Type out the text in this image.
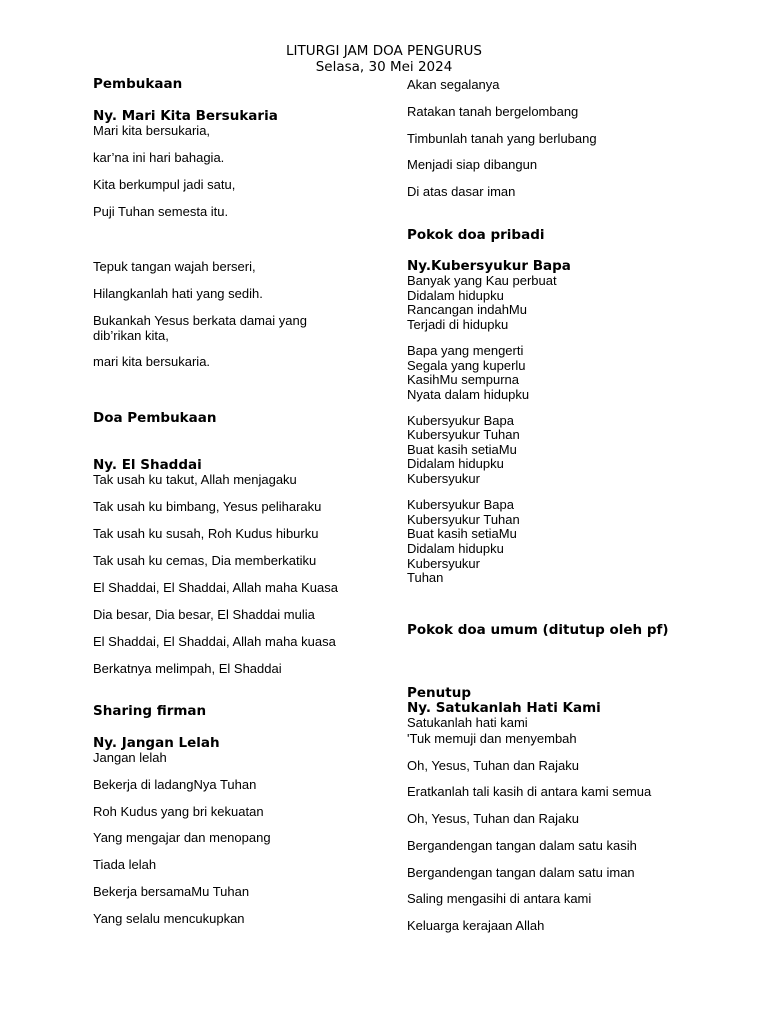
LITURGI JAM DOA PENGURUS
Selasa, 30 Mei 2024
Pembukaan
Ny. Mari Kita Bersukaria
Mari kita bersukaria,
kar’na ini hari bahagia.
Kita berkumpul jadi satu,
Puji Tuhan semesta itu.
Tepuk tangan wajah berseri,
Hilangkanlah hati yang sedih.
Bukankah Yesus berkata damai yang dib’rikan kita,
mari kita bersukaria.
Doa Pembukaan
Ny. El Shaddai
Tak usah ku takut, Allah menjagaku
Tak usah ku bimbang, Yesus peliharaku
Tak usah ku susah, Roh Kudus hiburku
Tak usah ku cemas, Dia memberkatiku
El Shaddai, El Shaddai, Allah maha Kuasa
Dia besar, Dia besar, El Shaddai mulia
El Shaddai, El Shaddai, Allah maha kuasa
Berkatnya melimpah, El Shaddai
Sharing firman
Ny. Jangan Lelah
Jangan lelah
Bekerja di ladangNya Tuhan
Roh Kudus yang bri kekuatan
Yang mengajar dan menopang
Tiada lelah
Bekerja bersamaMu Tuhan
Yang selalu mencukupkan
Akan segalanya
Ratakan tanah bergelombang
Timbunlah tanah yang berlubang
Menjadi siap dibangun
Di atas dasar iman
Pokok doa pribadi
Ny.Kubersyukur Bapa
Banyak yang Kau perbuat
Didalam hidupku
Rancangan indahMu
Terjadi di hidupku
Bapa yang mengerti
Segala yang kuperlu
KasihMu sempurna
Nyata dalam hidupku
Kubersyukur Bapa
Kubersyukur Tuhan
Buat kasih setiaMu
Didalam hidupku
Kubersyukur
Kubersyukur Bapa
Kubersyukur Tuhan
Buat kasih setiaMu
Didalam hidupku
Kubersyukur
Tuhan
Pokok doa umum (ditutup oleh pf)
Penutup
Ny. Satukanlah Hati Kami
Satukanlah hati kami
'Tuk memuji dan menyembah
Oh, Yesus, Tuhan dan Rajaku
Eratkanlah tali kasih di antara kami semua
Oh, Yesus, Tuhan dan Rajaku
Bergandengan tangan dalam satu kasih
Bergandengan tangan dalam satu iman
Saling mengasihi di antara kami
Keluarga kerajaan Allah
